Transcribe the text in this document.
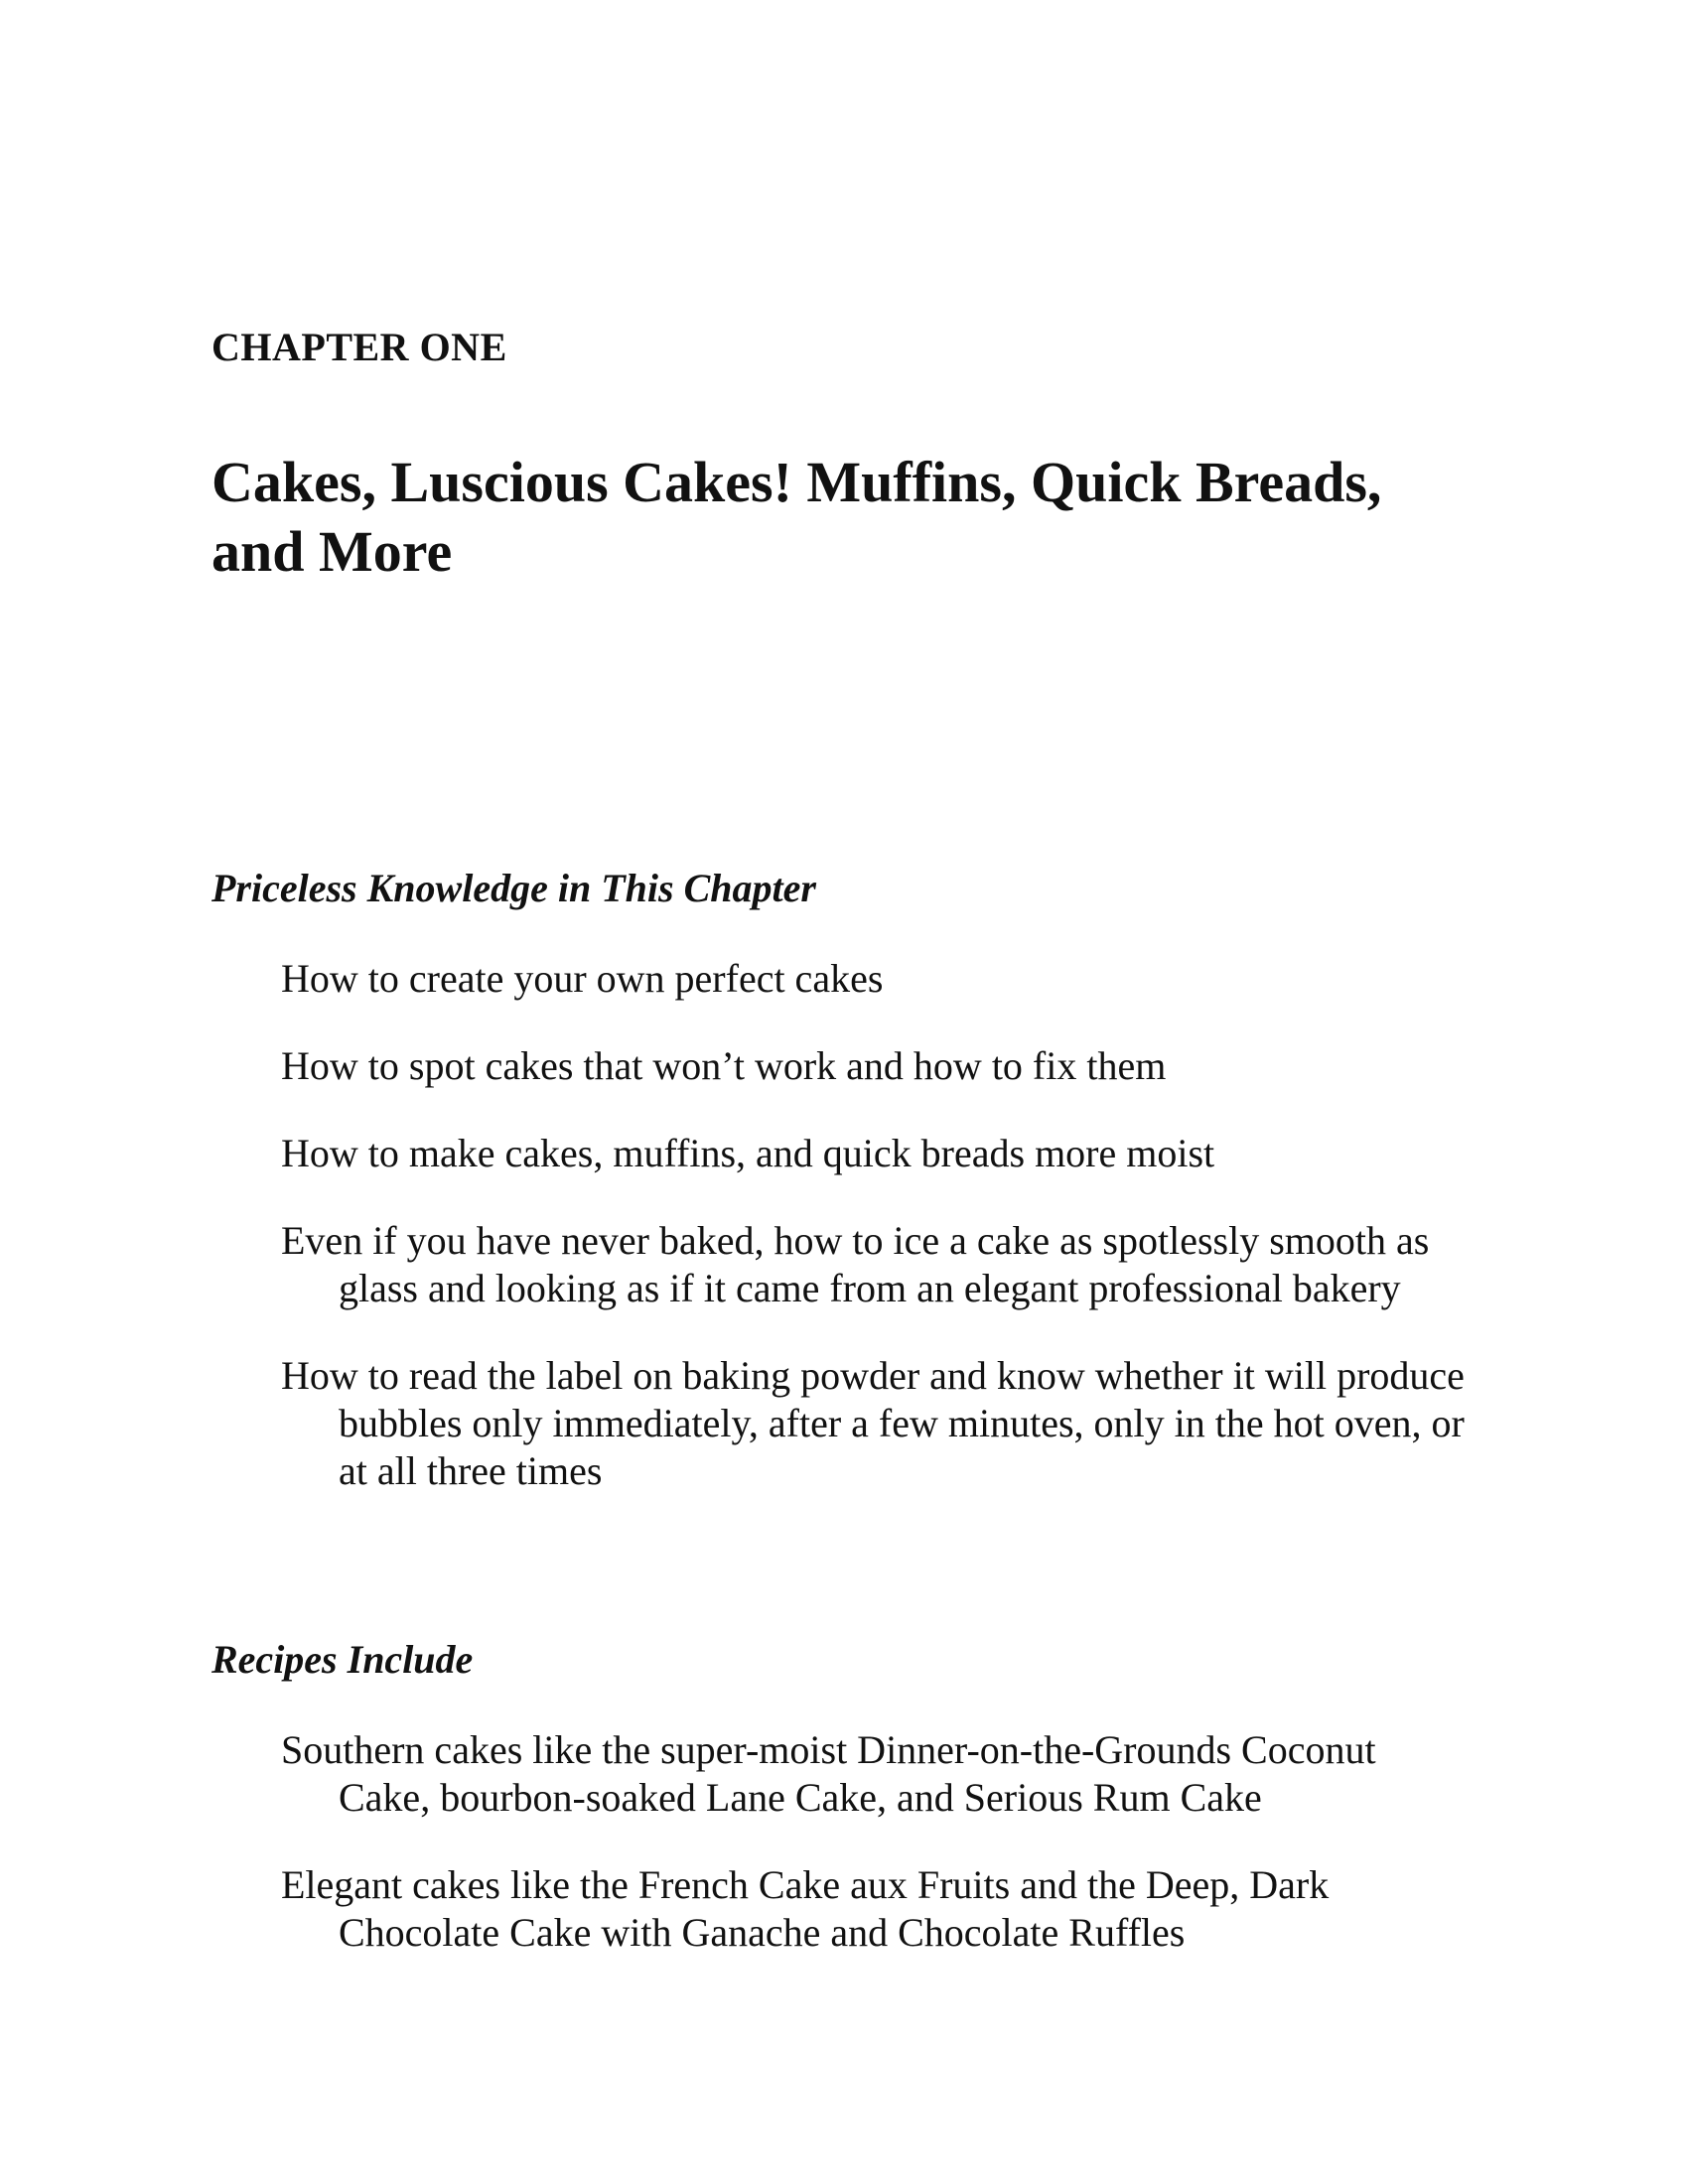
CHAPTER ONE
Cakes, Luscious Cakes! Muffins, Quick Breads, and More
Priceless Knowledge in This Chapter
How to create your own perfect cakes
How to spot cakes that won’t work and how to fix them
How to make cakes, muffins, and quick breads more moist
Even if you have never baked, how to ice a cake as spotlessly smooth as glass and looking as if it came from an elegant professional bakery
How to read the label on baking powder and know whether it will produce bubbles only immediately, after a few minutes, only in the hot oven, or at all three times
Recipes Include
Southern cakes like the super-moist Dinner-on-the-Grounds Coconut Cake, bourbon-soaked Lane Cake, and Serious Rum Cake
Elegant cakes like the French Cake aux Fruits and the Deep, Dark Chocolate Cake with Ganache and Chocolate Ruffles
